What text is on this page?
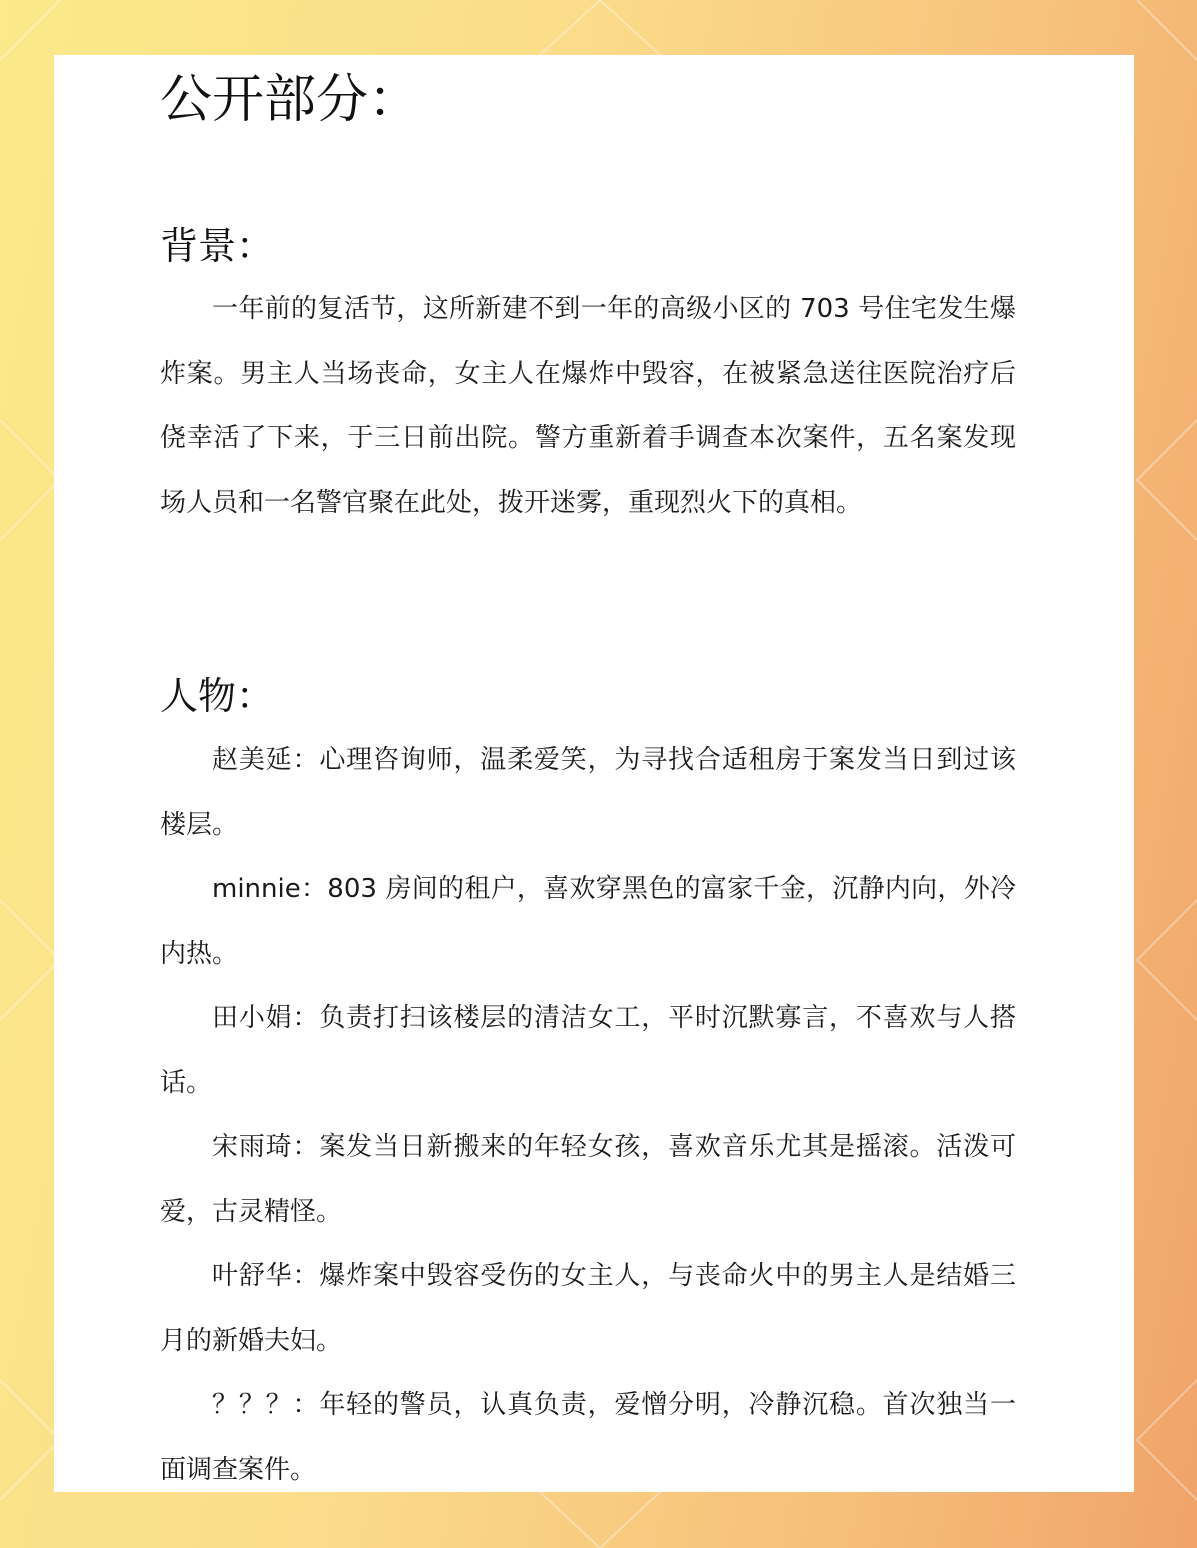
公开部分：
背景：

一年前的复活节，这所新建不到一年的高级小区的 703 号住宅发生爆炸案。男主人当场丧命，女主人在爆炸中毁容，在被紧急送往医院治疗后侥幸活了下来，于三日前出院。警方重新着手调查本次案件，五名案发现场人员和一名警官聚在此处，拨开迷雾，重现烈火下的真相。

人物：

赵美延：心理咨询师，温柔爱笑，为寻找合适租房于案发当日到过该楼层。

minnie：803 房间的租户，喜欢穿黑色的富家千金，沉静内向，外冷内热。

田小娟：负责打扫该楼层的清洁女工，平时沉默寡言，不喜欢与人搭话。

宋雨琦：案发当日新搬来的年轻女孩，喜欢音乐尤其是摇滚。活泼可爱，古灵精怪。

叶舒华：爆炸案中毁容受伤的女主人，与丧命火中的男主人是结婚三月的新婚夫妇。

？？？：年轻的警员，认真负责，爱憎分明，冷静沉稳。首次独当一面调查案件。
